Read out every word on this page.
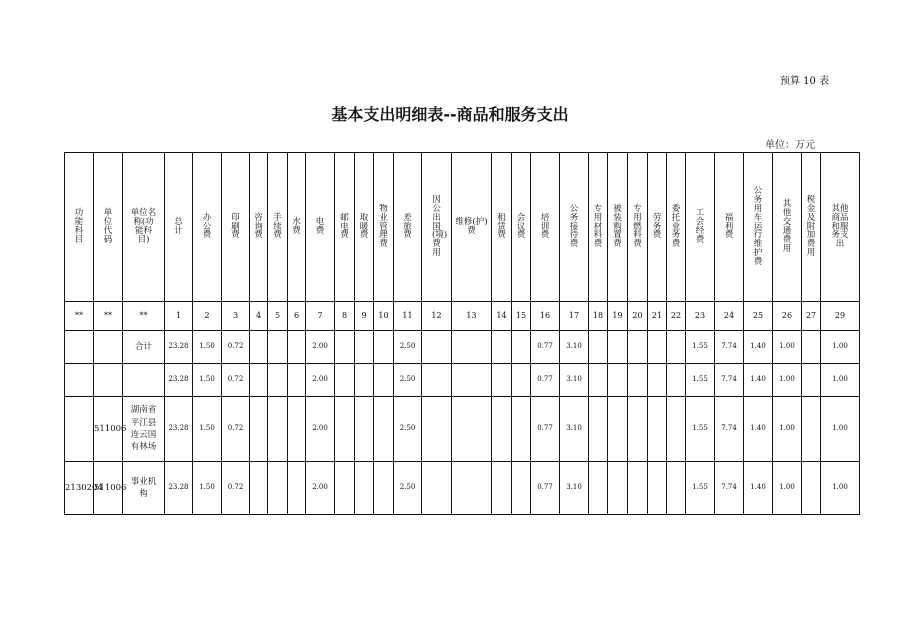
预算 10 表
基本支出明细表--商品和服务支出
单位：万元
功能科目	单位代码	单位名称(功能科目)	总计	办公费	印刷费	咨询费	手续费	水费	电费	邮电费	取暖费	物业管理费	差旅费	因公出国(境)费用	维修(护)费	租赁费	会议费	培训费	公务接待费	专用材料费	被装购置费	专用燃料费	劳务费	委托业务费	工会经费	福利费	公务用车运行维护费	其他交通费用	税金及附加费用	其他商品和服务支出
**	**	**	1	2	3	4	5	6	7	8	9	10	11	12	13	14	15	16	17	18	19	20	21	22	23	24	25	26	27	29
		合计	23.28	1.50	0.72				2.00				2.50					0.77	3.10						1.55	7.74	1.40	1.00		1.00
			23.28	1.50	0.72				2.00				2.50					0.77	3.10						1.55	7.74	1.40	1.00		1.00
	511006	湖南省平江县连云国有林场	23.28	1.50	0.72				2.00				2.50					0.77	3.10						1.55	7.74	1.40	1.00		1.00
2130204	511006	事业机构	23.28	1.50	0.72				2.00				2.50					0.77	3.10						1.55	7.74	1.40	1.00		1.00
